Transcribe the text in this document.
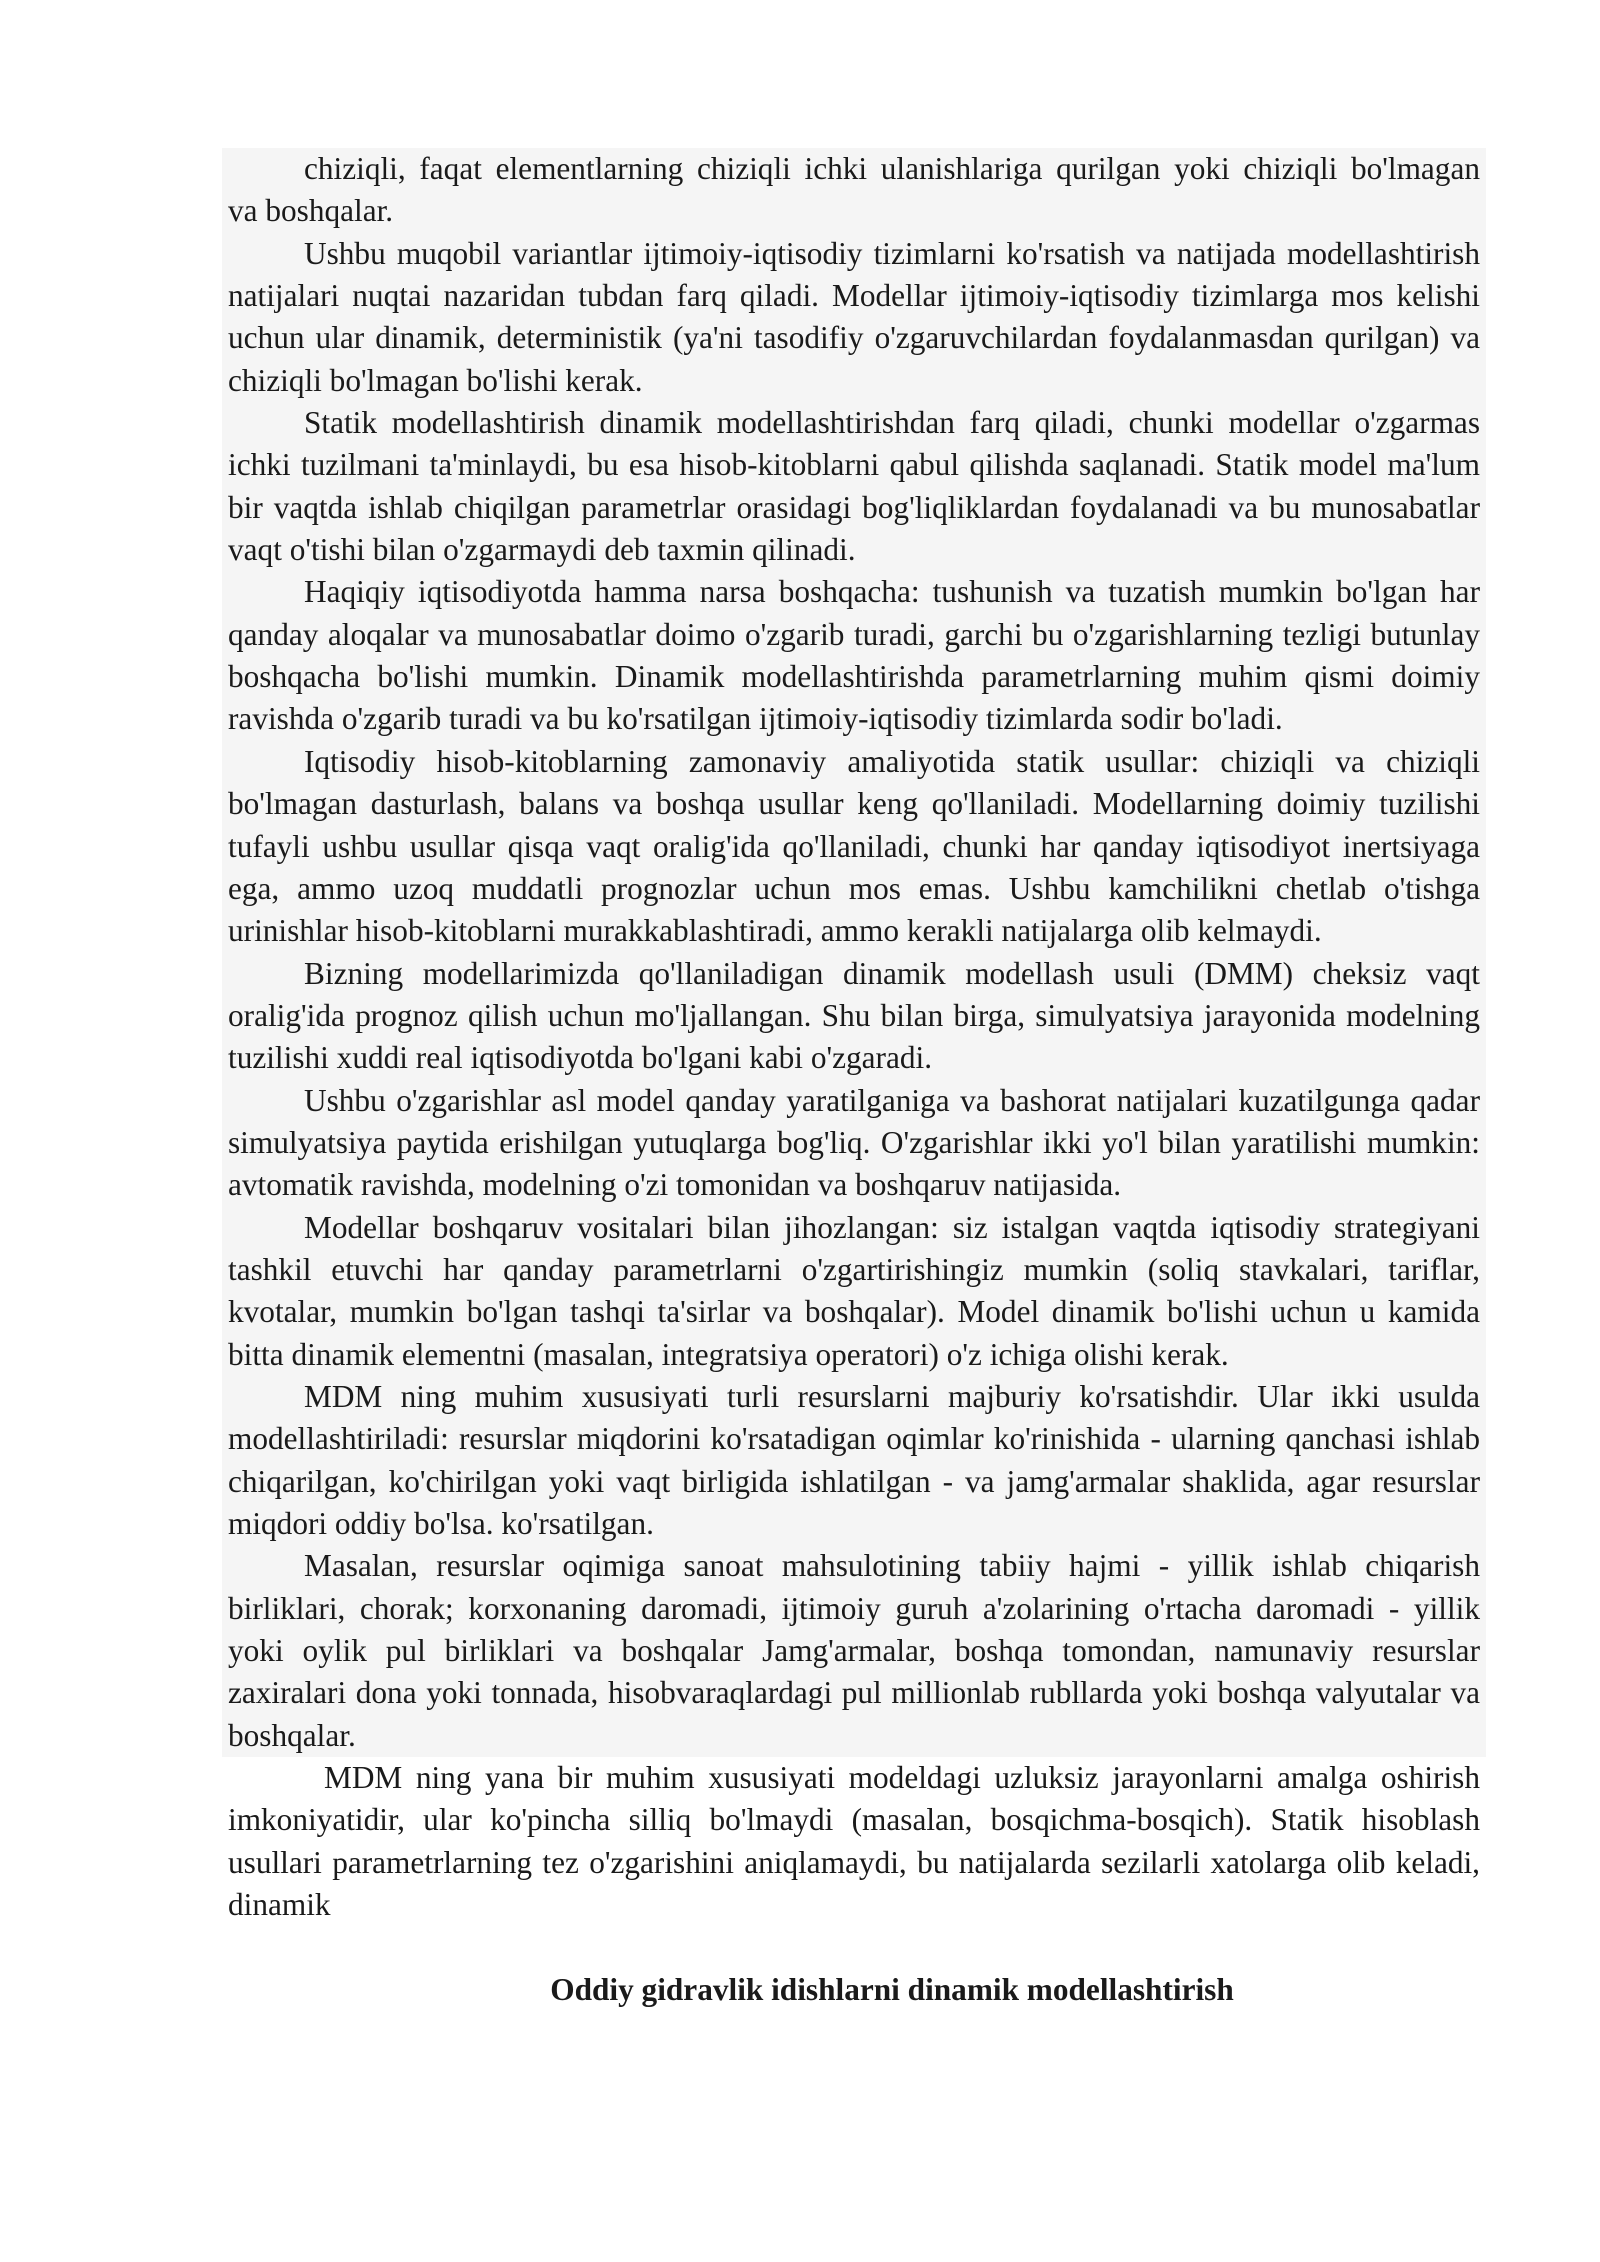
chiziqli, faqat elementlarning chiziqli ichki ulanishlariga qurilgan yoki chiziqli bo'lmagan
va boshqalar.
Ushbu muqobil variantlar ijtimoiy-iqtisodiy tizimlarni ko'rsatish va natijada modellashtirish
natijalari nuqtai nazaridan tubdan farq qiladi. Modellar ijtimoiy-iqtisodiy tizimlarga mos kelishi
uchun ular dinamik, deterministik (ya'ni tasodifiy o'zgaruvchilardan foydalanmasdan qurilgan) va
chiziqli bo'lmagan bo'lishi kerak.
Statik modellashtirish dinamik modellashtirishdan farq qiladi, chunki modellar o'zgarmas
ichki tuzilmani ta'minlaydi, bu esa hisob-kitoblarni qabul qilishda saqlanadi. Statik model ma'lum
bir vaqtda ishlab chiqilgan parametrlar orasidagi bog'liqliklardan foydalanadi va bu munosabatlar
vaqt o'tishi bilan o'zgarmaydi deb taxmin qilinadi.
Haqiqiy iqtisodiyotda hamma narsa boshqacha: tushunish va tuzatish mumkin bo'lgan har
qanday aloqalar va munosabatlar doimo o'zgarib turadi, garchi bu o'zgarishlarning tezligi butunlay
boshqacha bo'lishi mumkin. Dinamik modellashtirishda parametrlarning muhim qismi doimiy
ravishda o'zgarib turadi va bu ko'rsatilgan ijtimoiy-iqtisodiy tizimlarda sodir bo'ladi.
Iqtisodiy hisob-kitoblarning zamonaviy amaliyotida statik usullar: chiziqli va chiziqli
bo'lmagan dasturlash, balans va boshqa usullar keng qo'llaniladi. Modellarning doimiy tuzilishi
tufayli ushbu usullar qisqa vaqt oralig'ida qo'llaniladi, chunki har qanday iqtisodiyot inertsiyaga
ega, ammo uzoq muddatli prognozlar uchun mos emas. Ushbu kamchilikni chetlab o'tishga
urinishlar hisob-kitoblarni murakkablashtiradi, ammo kerakli natijalarga olib kelmaydi.
Bizning modellarimizda qo'llaniladigan dinamik modellash usuli (DMM) cheksiz vaqt
oralig'ida prognoz qilish uchun mo'ljallangan. Shu bilan birga, simulyatsiya jarayonida modelning
tuzilishi xuddi real iqtisodiyotda bo'lgani kabi o'zgaradi.
Ushbu o'zgarishlar asl model qanday yaratilganiga va bashorat natijalari kuzatilgunga qadar
simulyatsiya paytida erishilgan yutuqlarga bog'liq. O'zgarishlar ikki yo'l bilan yaratilishi mumkin:
avtomatik ravishda, modelning o'zi tomonidan va boshqaruv natijasida.
Modellar boshqaruv vositalari bilan jihozlangan: siz istalgan vaqtda iqtisodiy strategiyani
tashkil etuvchi har qanday parametrlarni o'zgartirishingiz mumkin (soliq stavkalari, tariflar,
kvotalar, mumkin bo'lgan tashqi ta'sirlar va boshqalar). Model dinamik bo'lishi uchun u kamida
bitta dinamik elementni (masalan, integratsiya operatori) o'z ichiga olishi kerak.
MDM ning muhim xususiyati turli resurslarni majburiy ko'rsatishdir. Ular ikki usulda
modellashtiriladi: resurslar miqdorini ko'rsatadigan oqimlar ko'rinishida - ularning qanchasi ishlab
chiqarilgan, ko'chirilgan yoki vaqt birligida ishlatilgan - va jamg'armalar shaklida, agar resurslar
miqdori oddiy bo'lsa. ko'rsatilgan.
Masalan, resurslar oqimiga sanoat mahsulotining tabiiy hajmi - yillik ishlab chiqarish
birliklari, chorak; korxonaning daromadi, ijtimoiy guruh a'zolarining o'rtacha daromadi - yillik
yoki oylik pul birliklari va boshqalar Jamg'armalar, boshqa tomondan, namunaviy resurslar
zaxiralari dona yoki tonnada, hisobvaraqlardagi pul millionlab rubllarda yoki boshqa valyutalar va
boshqalar.
MDM ning yana bir muhim xususiyati modeldagi uzluksiz jarayonlarni amalga oshirish
imkoniyatidir, ular ko'pincha silliq bo'lmaydi (masalan, bosqichma-bosqich). Statik hisoblash
usullari parametrlarning tez o'zgarishini aniqlamaydi, bu natijalarda sezilarli xatolarga olib keladi,
dinamik
Oddiy gidravlik idishlarni dinamik modellashtirish
